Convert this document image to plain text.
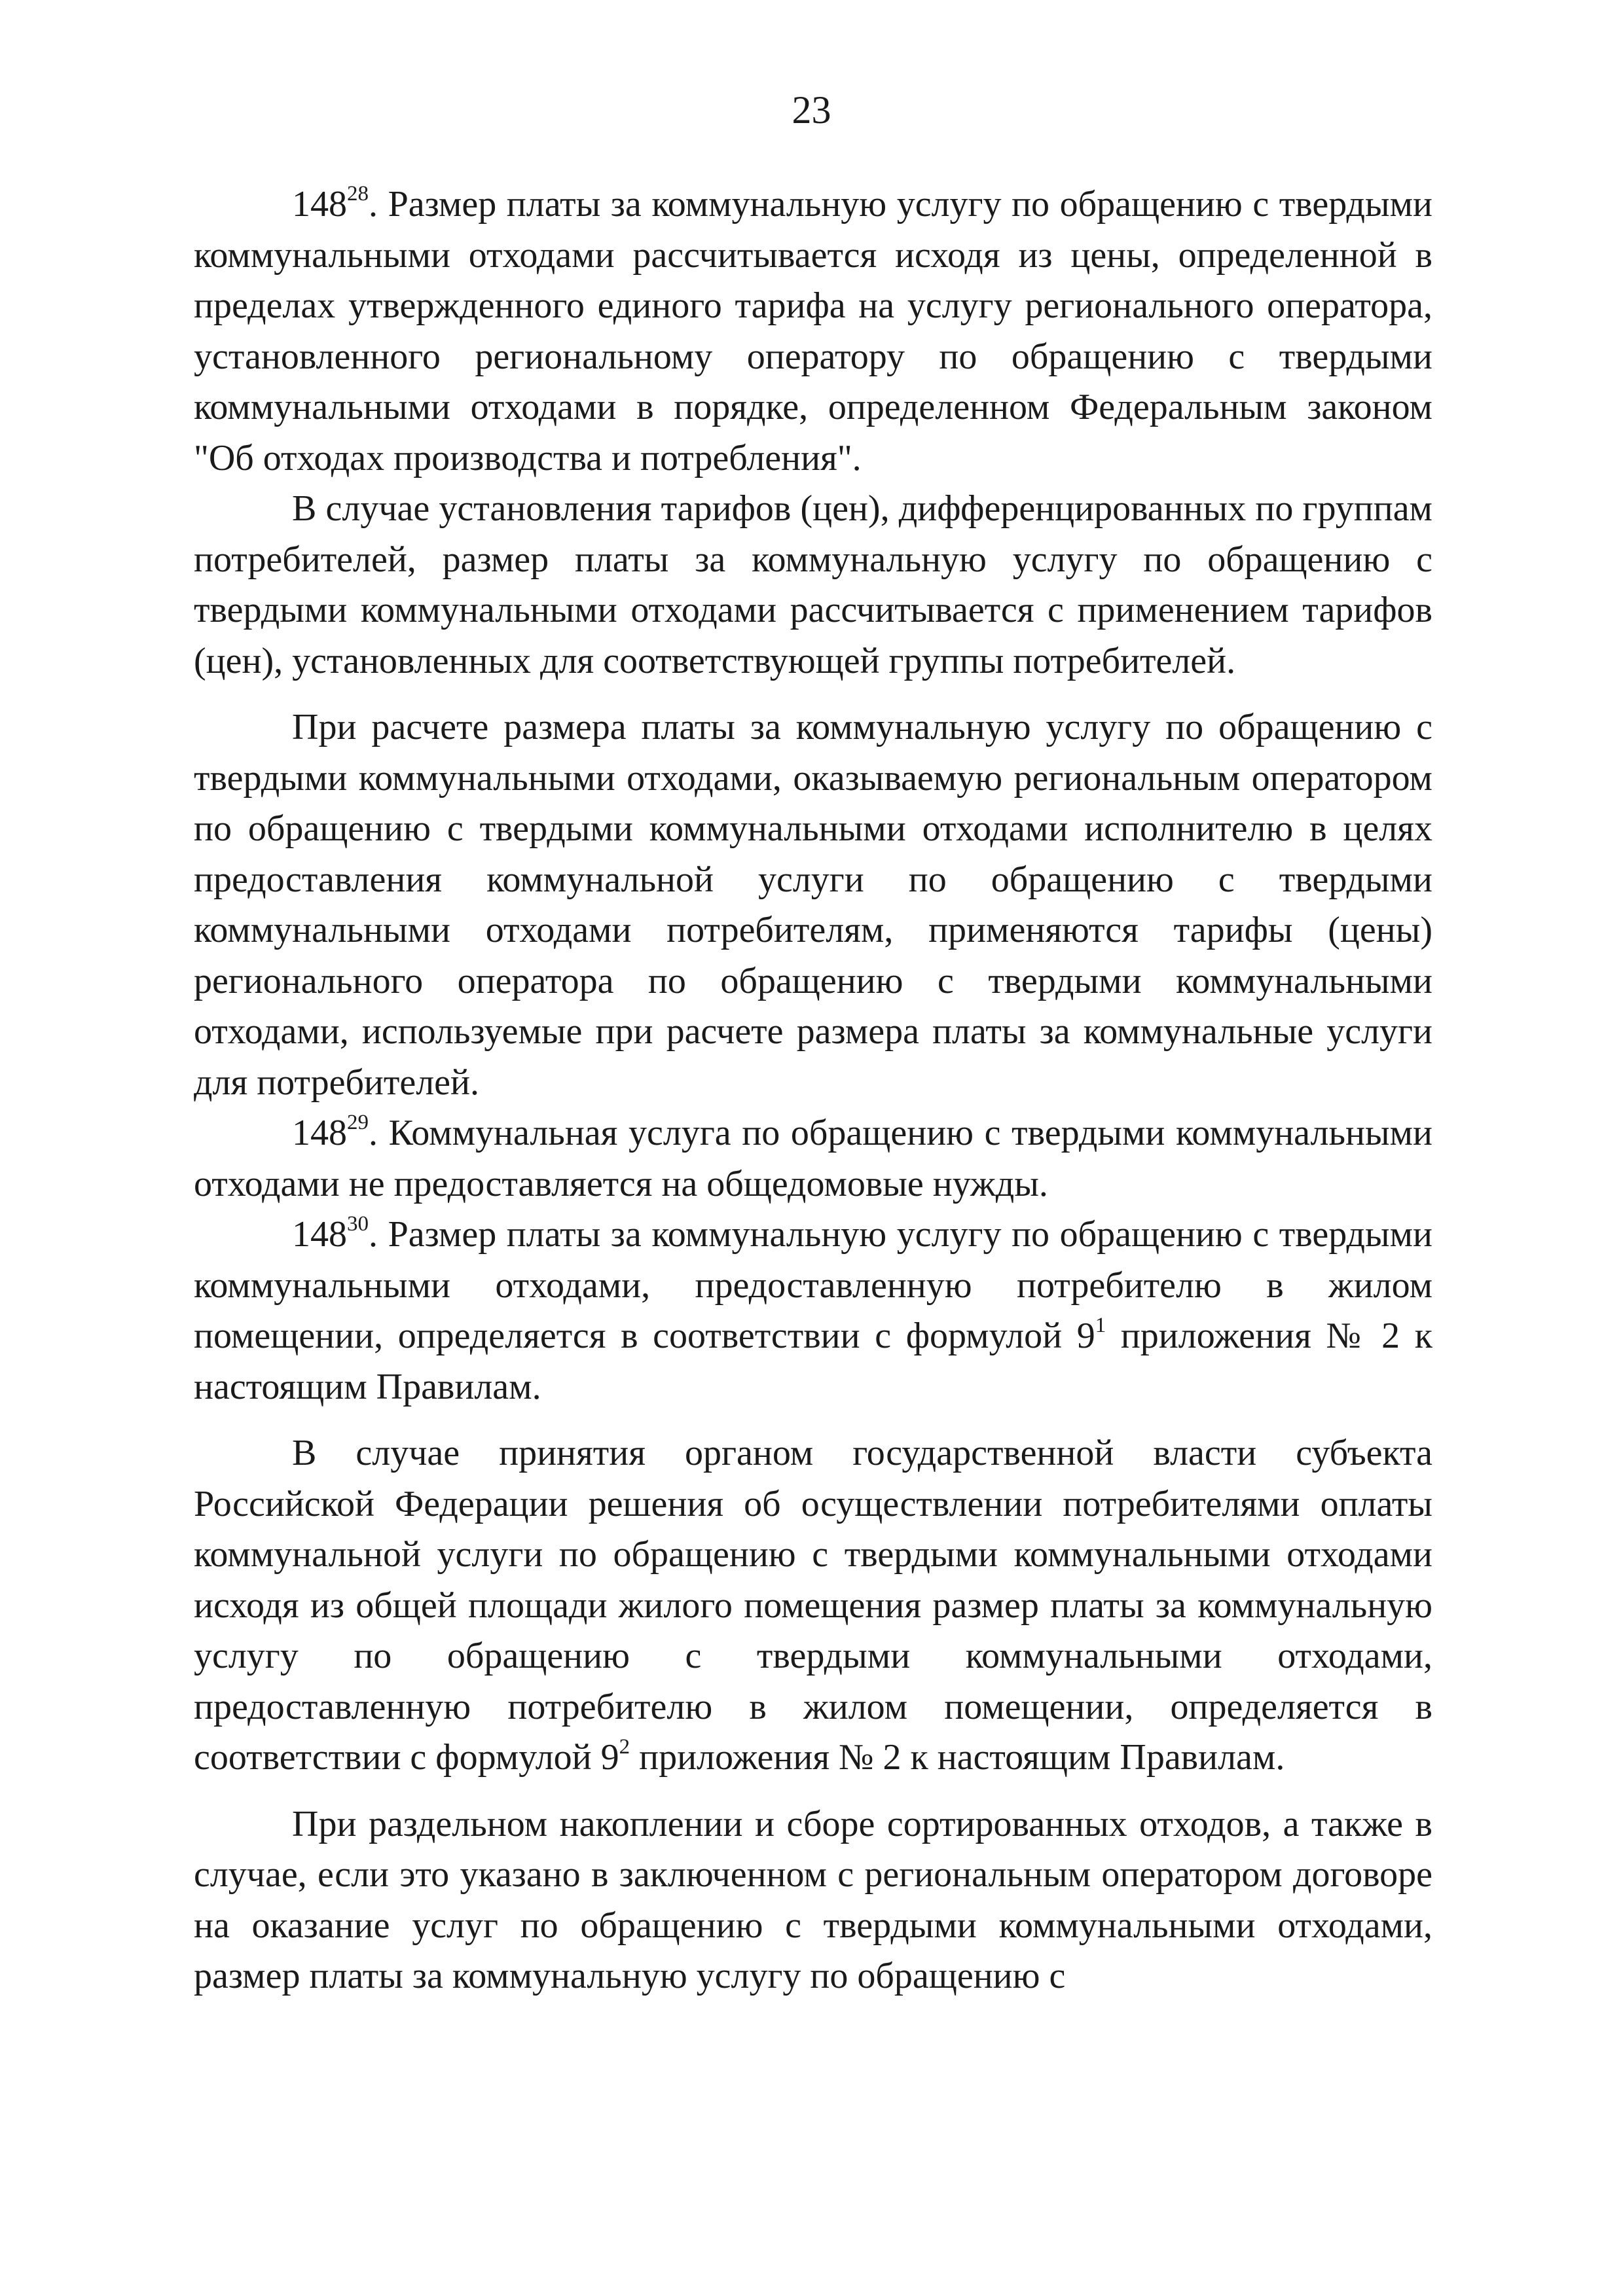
23

$148^{28}$. Размер платы за коммунальную услугу по обращению с твердыми коммунальными отходами рассчитывается исходя из цены, определенной в пределах утвержденного единого тарифа на услугу регионального оператора, установленного региональному оператору по обращению с твердыми коммунальными отходами в порядке, определенном Федеральным законом "Об отходах производства и потребления".

В случае установления тарифов (цен), дифференцированных по группам потребителей, размер платы за коммунальную услугу по обращению с твердыми коммунальными отходами рассчитывается с применением тарифов (цен), установленных для соответствующей группы потребителей.

При расчете размера платы за коммунальную услугу по обращению с твердыми коммунальными отходами, оказываемую региональным оператором по обращению с твердыми коммунальными отходами исполнителю в целях предоставления коммунальной услуги по обращению с твердыми коммунальными отходами потребителям, применяются тарифы (цены) регионального оператора по обращению с твердыми коммунальными отходами, используемые при расчете размера платы за коммунальные услуги для потребителей.

$148^{29}$. Коммунальная услуга по обращению с твердыми коммунальными отходами не предоставляется на общедомовые нужды.

$148^{30}$. Размер платы за коммунальную услугу по обращению с твердыми коммунальными отходами, предоставленную потребителю в жилом помещении, определяется в соответствии с формулой $9^1$ приложения № 2 к настоящим Правилам.

В случае принятия органом государственной власти субъекта Российской Федерации решения об осуществлении потребителями оплаты коммунальной услуги по обращению с твердыми коммунальными отходами исходя из общей площади жилого помещения размер платы за коммунальную услугу по обращению с твердыми коммунальными отходами, предоставленную потребителю в жилом помещении, определяется в соответствии с формулой $9^2$ приложения № 2 к настоящим Правилам.

При раздельном накоплении и сборе сортированных отходов, а также в случае, если это указано в заключенном с региональным оператором договоре на оказание услуг по обращению с твердыми коммунальными отходами, размер платы за коммунальную услугу по обращению с
